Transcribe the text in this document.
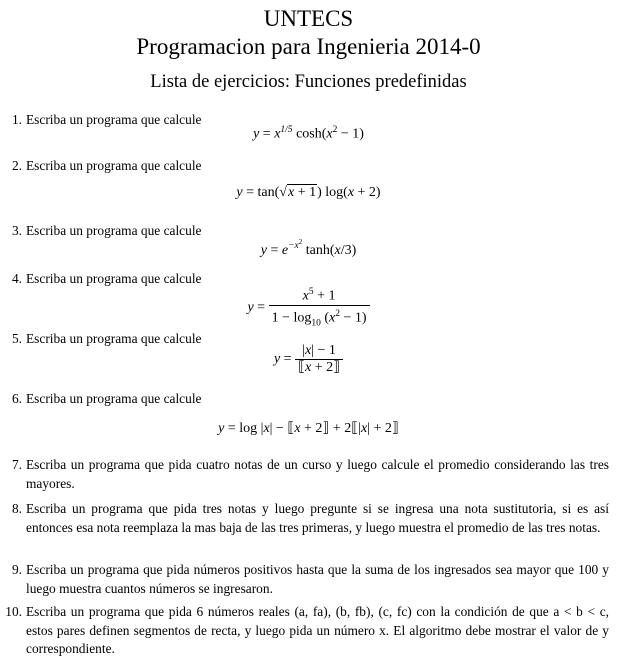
UNTECS
Programacion para Ingenieria 2014-0
Lista de ejercicios: Funciones predefinidas
1. Escriba un programa que calcule
$y = x^{1/5}$ $\cosh(x^2 - 1)$
2. Escriba un programa que calcule
y = tan(√x + 1) log(x + 2)
3. Escriba un programa que calcule
$y = e^{-x^2}$ tanh(x/3)
4. Escriba un programa que calcule
$y = \frac{x^5 + 1}{1 - \log_{10} (x^2 - 1)}$
5. Escriba un programa que calcule
$y = \frac{|x| - 1}{⟦x + 2⟧}$
6. Escriba un programa que calcule
y = log |x| − ⟦x + 2⟧ + 2⟦|x| + 2⟧
7. Escriba un programa que pida cuatro notas de un curso y luego calcule el promedio considerando las tres mayores.
8. Escriba un programa que pida tres notas y luego pregunte si se ingresa una nota sustitutoria, si es así entonces esa nota reemplaza la mas baja de las tres primeras, y luego muestra el promedio de las tres notas.
9. Escriba un programa que pida números positivos hasta que la suma de los ingresados sea mayor que 100 y luego muestra cuantos números se ingresaron.
10. Escriba un programa que pida 6 números reales (a, fa), (b, fb), (c, fc) con la condición de que a < b < c, estos pares definen segmentos de recta, y luego pida un número x. El algoritmo debe mostrar el valor de y correspondiente.
